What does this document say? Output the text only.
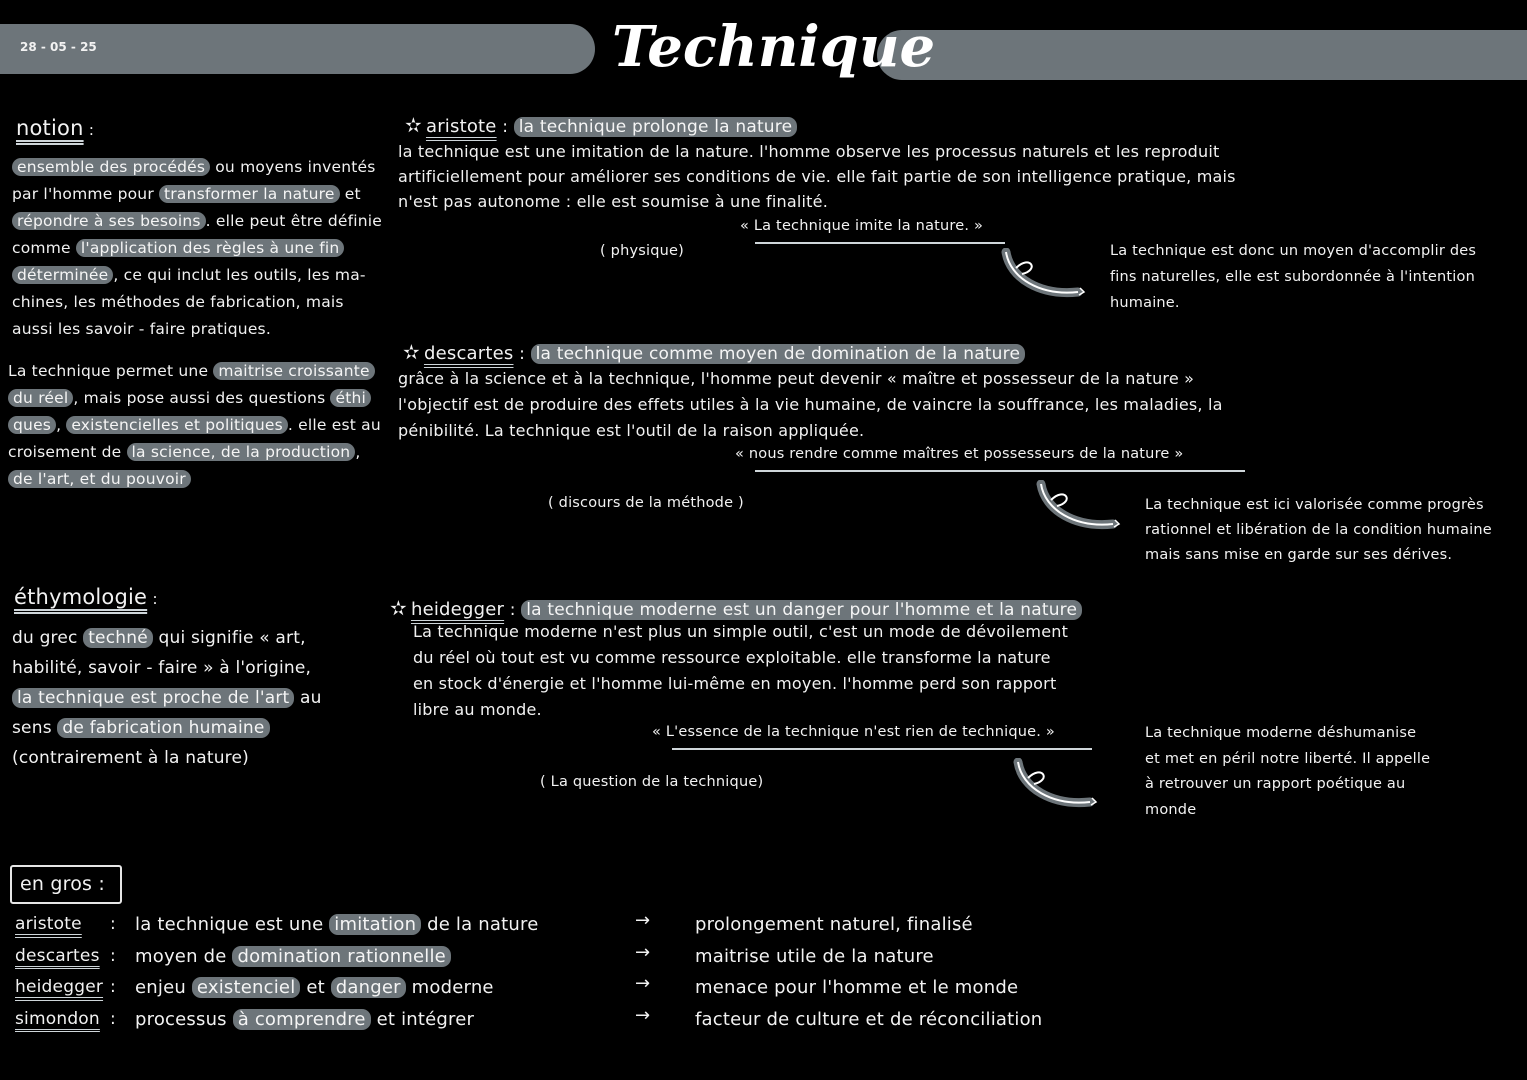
28 - 05 - 25	Technique
notion :
ensemble des procédés ou moyens inventés
par l'homme pour transformer la nature et
répondre à ses besoins . elle peut être définie
comme l'application des règles à une fin
déterminée , ce qui inclut les outils, les ma-
chines, les méthodes de fabrication, mais
aussi les savoir - faire pratiques.
La technique permet une maitrise croissante
du réel , mais pose aussi des questions éthi
ques , existencielles et politiques . elle est au
croisement de la science, de la production ,
de l'art, et du pouvoir
éthymologie :
du grec techné qui signifie « art,
habilité, savoir - faire » à l'origine,
la technique est proche de l'art au
sens de fabrication humaine
(contrairement à la nature)
✫ aristote : la technique prolonge la nature
la technique est une imitation de la nature. l'homme observe les processus naturels et les reproduit
artificiellement pour améliorer ses conditions de vie. elle fait partie de son intelligence pratique, mais
n'est pas autonome : elle est soumise à une finalité.
« La technique imite la nature. »
( physique)	La technique est donc un moyen d'accomplir des
fins naturelles, elle est subordonnée à l'intention
humaine.
✫ descartes : la technique comme moyen de domination de la nature
grâce à la science et à la technique, l'homme peut devenir « maître et possesseur de la nature »
l'objectif est de produire des effets utiles à la vie humaine, de vaincre la souffrance, les maladies, la
pénibilité. La technique est l'outil de la raison appliquée.
« nous rendre comme maîtres et possesseurs de la nature »
( discours de la méthode )	La technique est ici valorisée comme progrès
rationnel et libération de la condition humaine
mais sans mise en garde sur ses dérives.
✫ heidegger : la technique moderne est un danger pour l'homme et la nature
La technique moderne n'est plus un simple outil, c'est un mode de dévoilement
du réel où tout est vu comme ressource exploitable. elle transforme la nature
en stock d'énergie et l'homme lui-même en moyen. l'homme perd son rapport
libre au monde.
« L'essence de la technique n'est rien de technique. »
( La question de la technique)
La technique moderne déshumanise
et met en péril notre liberté. Il appelle
à retrouver un rapport poétique au
monde
en gros :
aristote : la technique est une imitation de la nature	→ prolongement naturel, finalisé
descartes : moyen de domination rationnelle	→ maitrise utile de la nature
heidegger : enjeu existenciel et danger moderne	→ menace pour l'homme et le monde
simondon : processus à comprendre et intégrer	→ facteur de culture et de réconciliation
